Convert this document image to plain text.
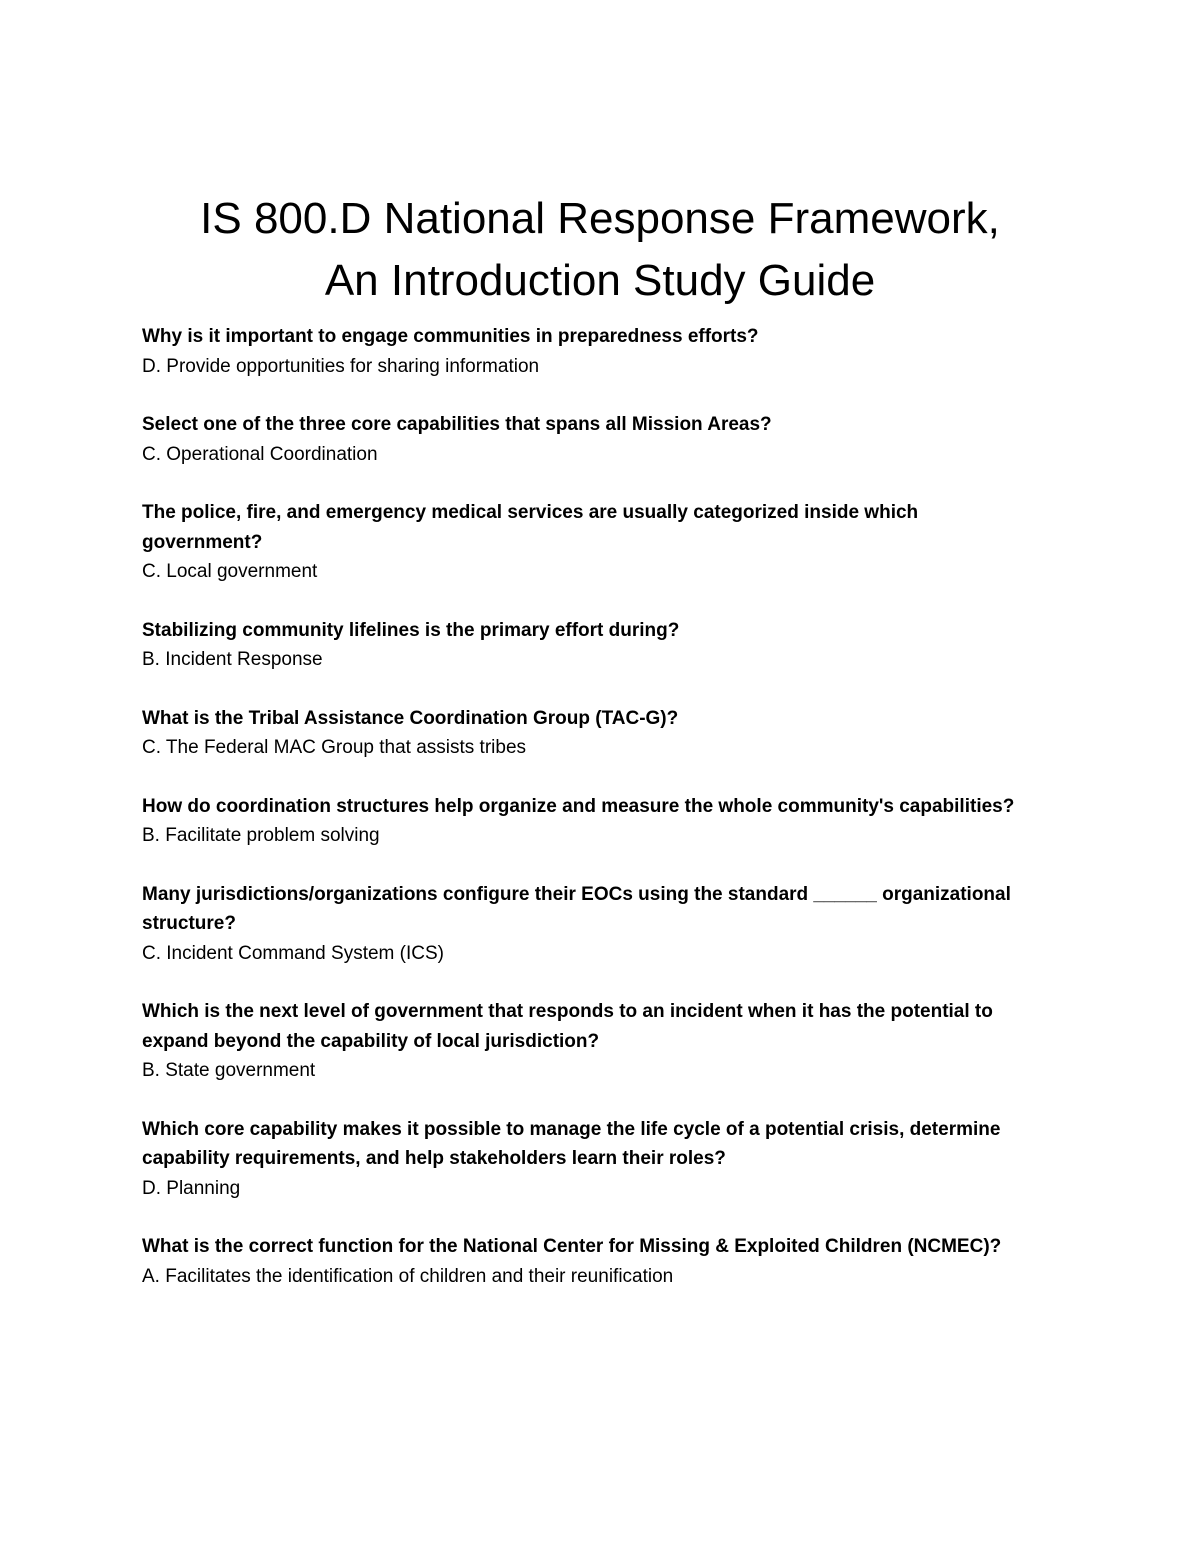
IS 800.D National Response Framework,
An Introduction Study Guide

Why is it important to engage communities in preparedness efforts?

D. Provide opportunities for sharing information

Select one of the three core capabilities that spans all Mission Areas?

C. Operational Coordination

The police, fire, and emergency medical services are usually categorized inside which government?

C. Local government

Stabilizing community lifelines is the primary effort during?

B. Incident Response

What is the Tribal Assistance Coordination Group (TAC-G)?

C. The Federal MAC Group that assists tribes

How do coordination structures help organize and measure the whole community's capabilities?

B. Facilitate problem solving

Many jurisdictions/organizations configure their EOCs using the standard ______ organizational structure?

C. Incident Command System (ICS)

Which is the next level of government that responds to an incident when it has the potential to expand beyond the capability of local jurisdiction?

B. State government

Which core capability makes it possible to manage the life cycle of a potential crisis, determine capability requirements, and help stakeholders learn their roles?

D. Planning

What is the correct function for the National Center for Missing & Exploited Children (NCMEC)?

A. Facilitates the identification of children and their reunification
